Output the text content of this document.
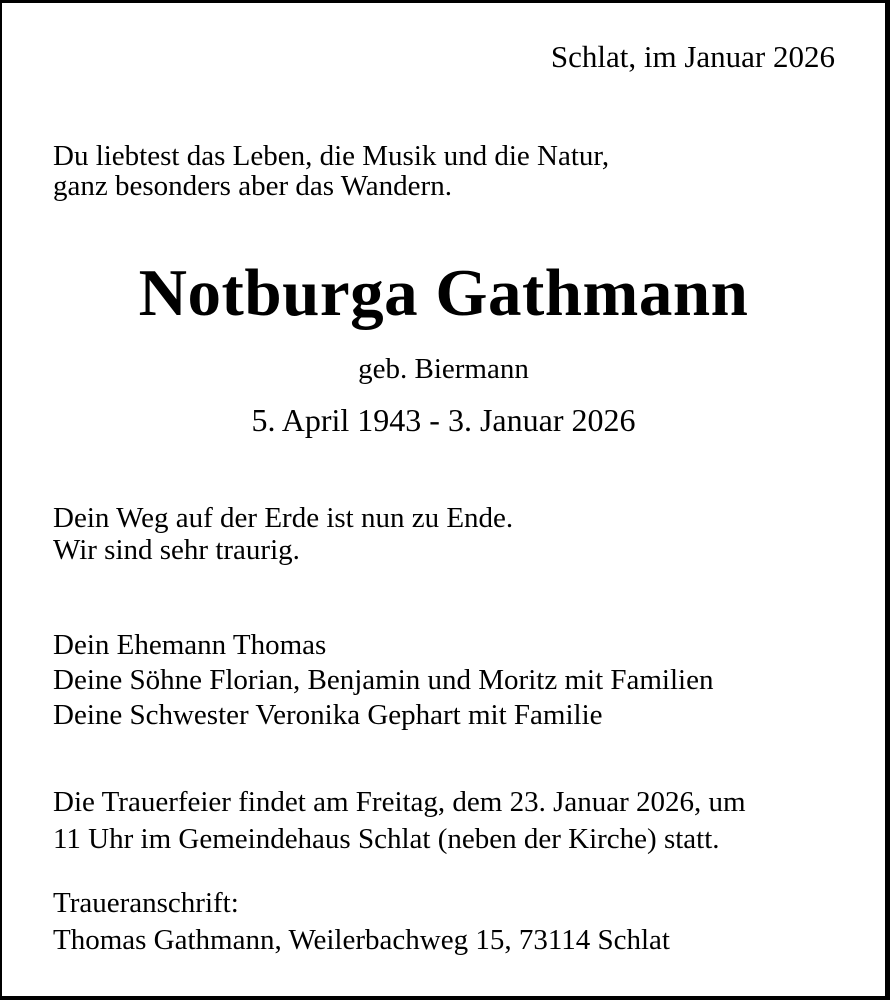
Schlat, im Januar 2026
Du liebtest das Leben, die Musik und die Natur,
ganz besonders aber das Wandern.
Notburga Gathmann
geb. Biermann
5. April 1943 - 3. Januar 2026
Dein Weg auf der Erde ist nun zu Ende.
Wir sind sehr traurig.
Dein Ehemann Thomas
Deine Söhne Florian, Benjamin und Moritz mit Familien
Deine Schwester Veronika Gephart mit Familie
Die Trauerfeier findet am Freitag, dem 23. Januar 2026, um
11 Uhr im Gemeindehaus Schlat (neben der Kirche) statt.
Traueranschrift:
Thomas Gathmann, Weilerbachweg 15, 73114 Schlat
